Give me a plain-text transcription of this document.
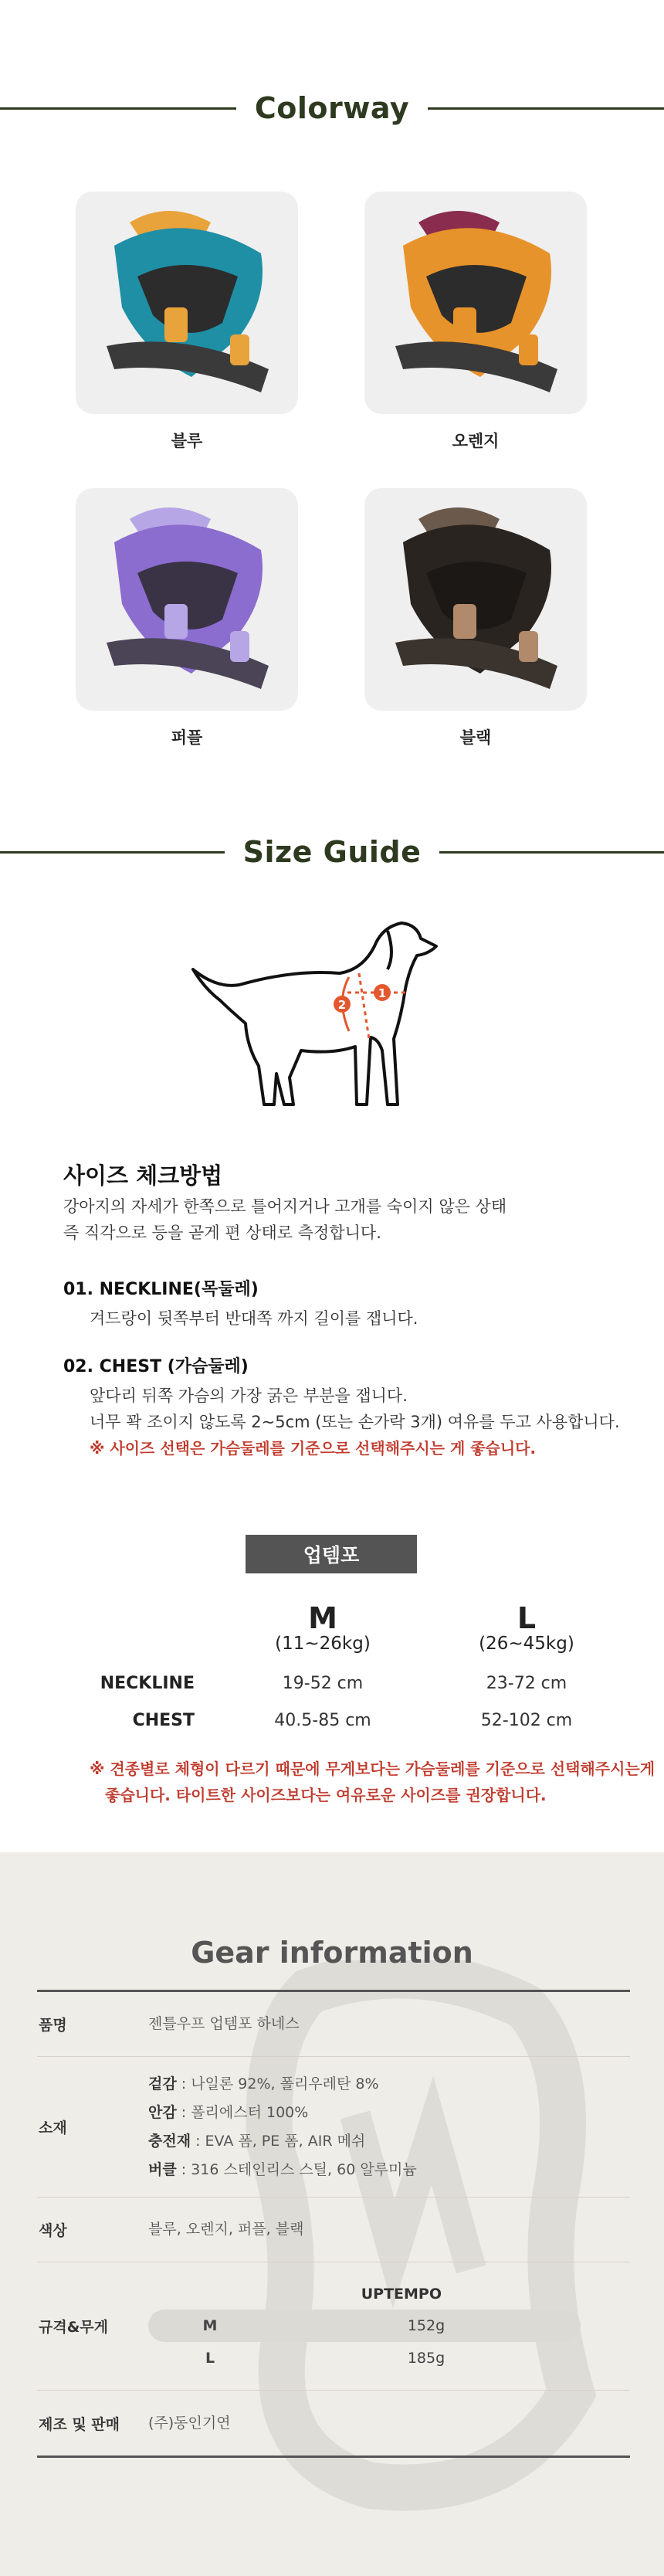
Colorway
블루	오렌지
퍼플	블랙
Size Guide
1
2
사이즈 체크방법
강아지의 자세가 한쪽으로 틀어지거나 고개를 숙이지 않은 상태
즉 직각으로 등을 곧게 편 상태로 측정합니다.
01. NECKLINE(목둘레)
겨드랑이 뒷쪽부터 반대쪽 까지 길이를 잽니다.
02. CHEST (가슴둘레)
앞다리 뒤쪽 가슴의 가장 굵은 부분을 잽니다.
너무 꽉 조이지 않도록 2~5cm (또는 손가락 3개) 여유를 두고 사용합니다.
※ 사이즈 선택은 가슴둘레를 기준으로 선택해주시는 게 좋습니다.
업템포
M
(11~26kg)
L
(26~45kg)
NECKLINE	19-52 cm	23-72 cm
CHEST	40.5-85 cm	52-102 cm
※ 견종별로 체형이 다르기 때문에 무게보다는 가슴둘레를 기준으로 선택해주시는게
좋습니다. 타이트한 사이즈보다는 여유로운 사이즈를 권장합니다.
Gear information
품명	젠틀우프 업템포 하네스
소재
겉감 : 나일론 92%, 폴리우레탄 8%
안감 : 폴리에스터 100%
충전재 : EVA 폼, PE 폼, AIR 메쉬
버클 : 316 스테인리스 스틸, 60 알루미늄
색상	블루, 오렌지, 퍼플, 블랙
규격&무게
UPTEMPO
M	152g
L	185g
제조 및 판매	(주)동인기연
